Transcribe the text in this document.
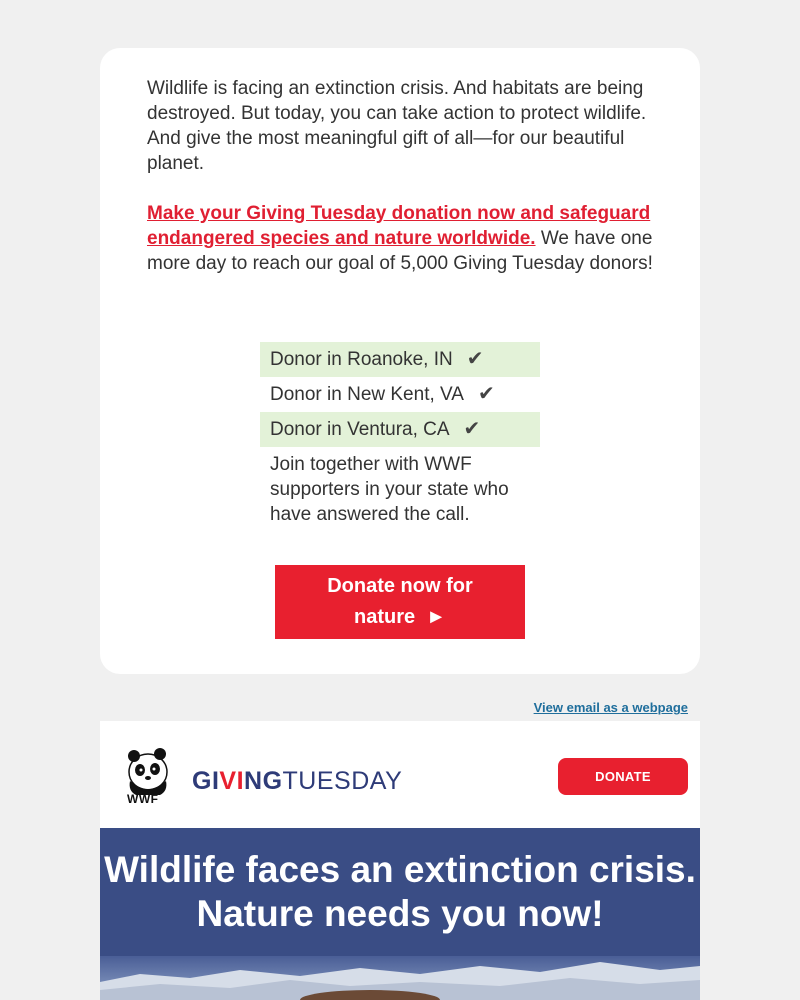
Wildlife is facing an extinction crisis. And habitats are being destroyed. But today, you can take action to protect wildlife. And give the most meaningful gift of all—for our beautiful planet.

Make your Giving Tuesday donation now and safeguard endangered species and nature worldwide. We have one more day to reach our goal of 5,000 Giving Tuesday donors!

Donor in Roanoke, IN ✔
Donor in New Kent, VA ✔
Donor in Ventura, CA ✔

Join together with WWF supporters in your state who have answered the call.

Donate now for nature  ►
View email as a webpage
WWF
GIVINGTUESDAY	DONATE
Wildlife faces an extinction crisis. Nature needs you now!
